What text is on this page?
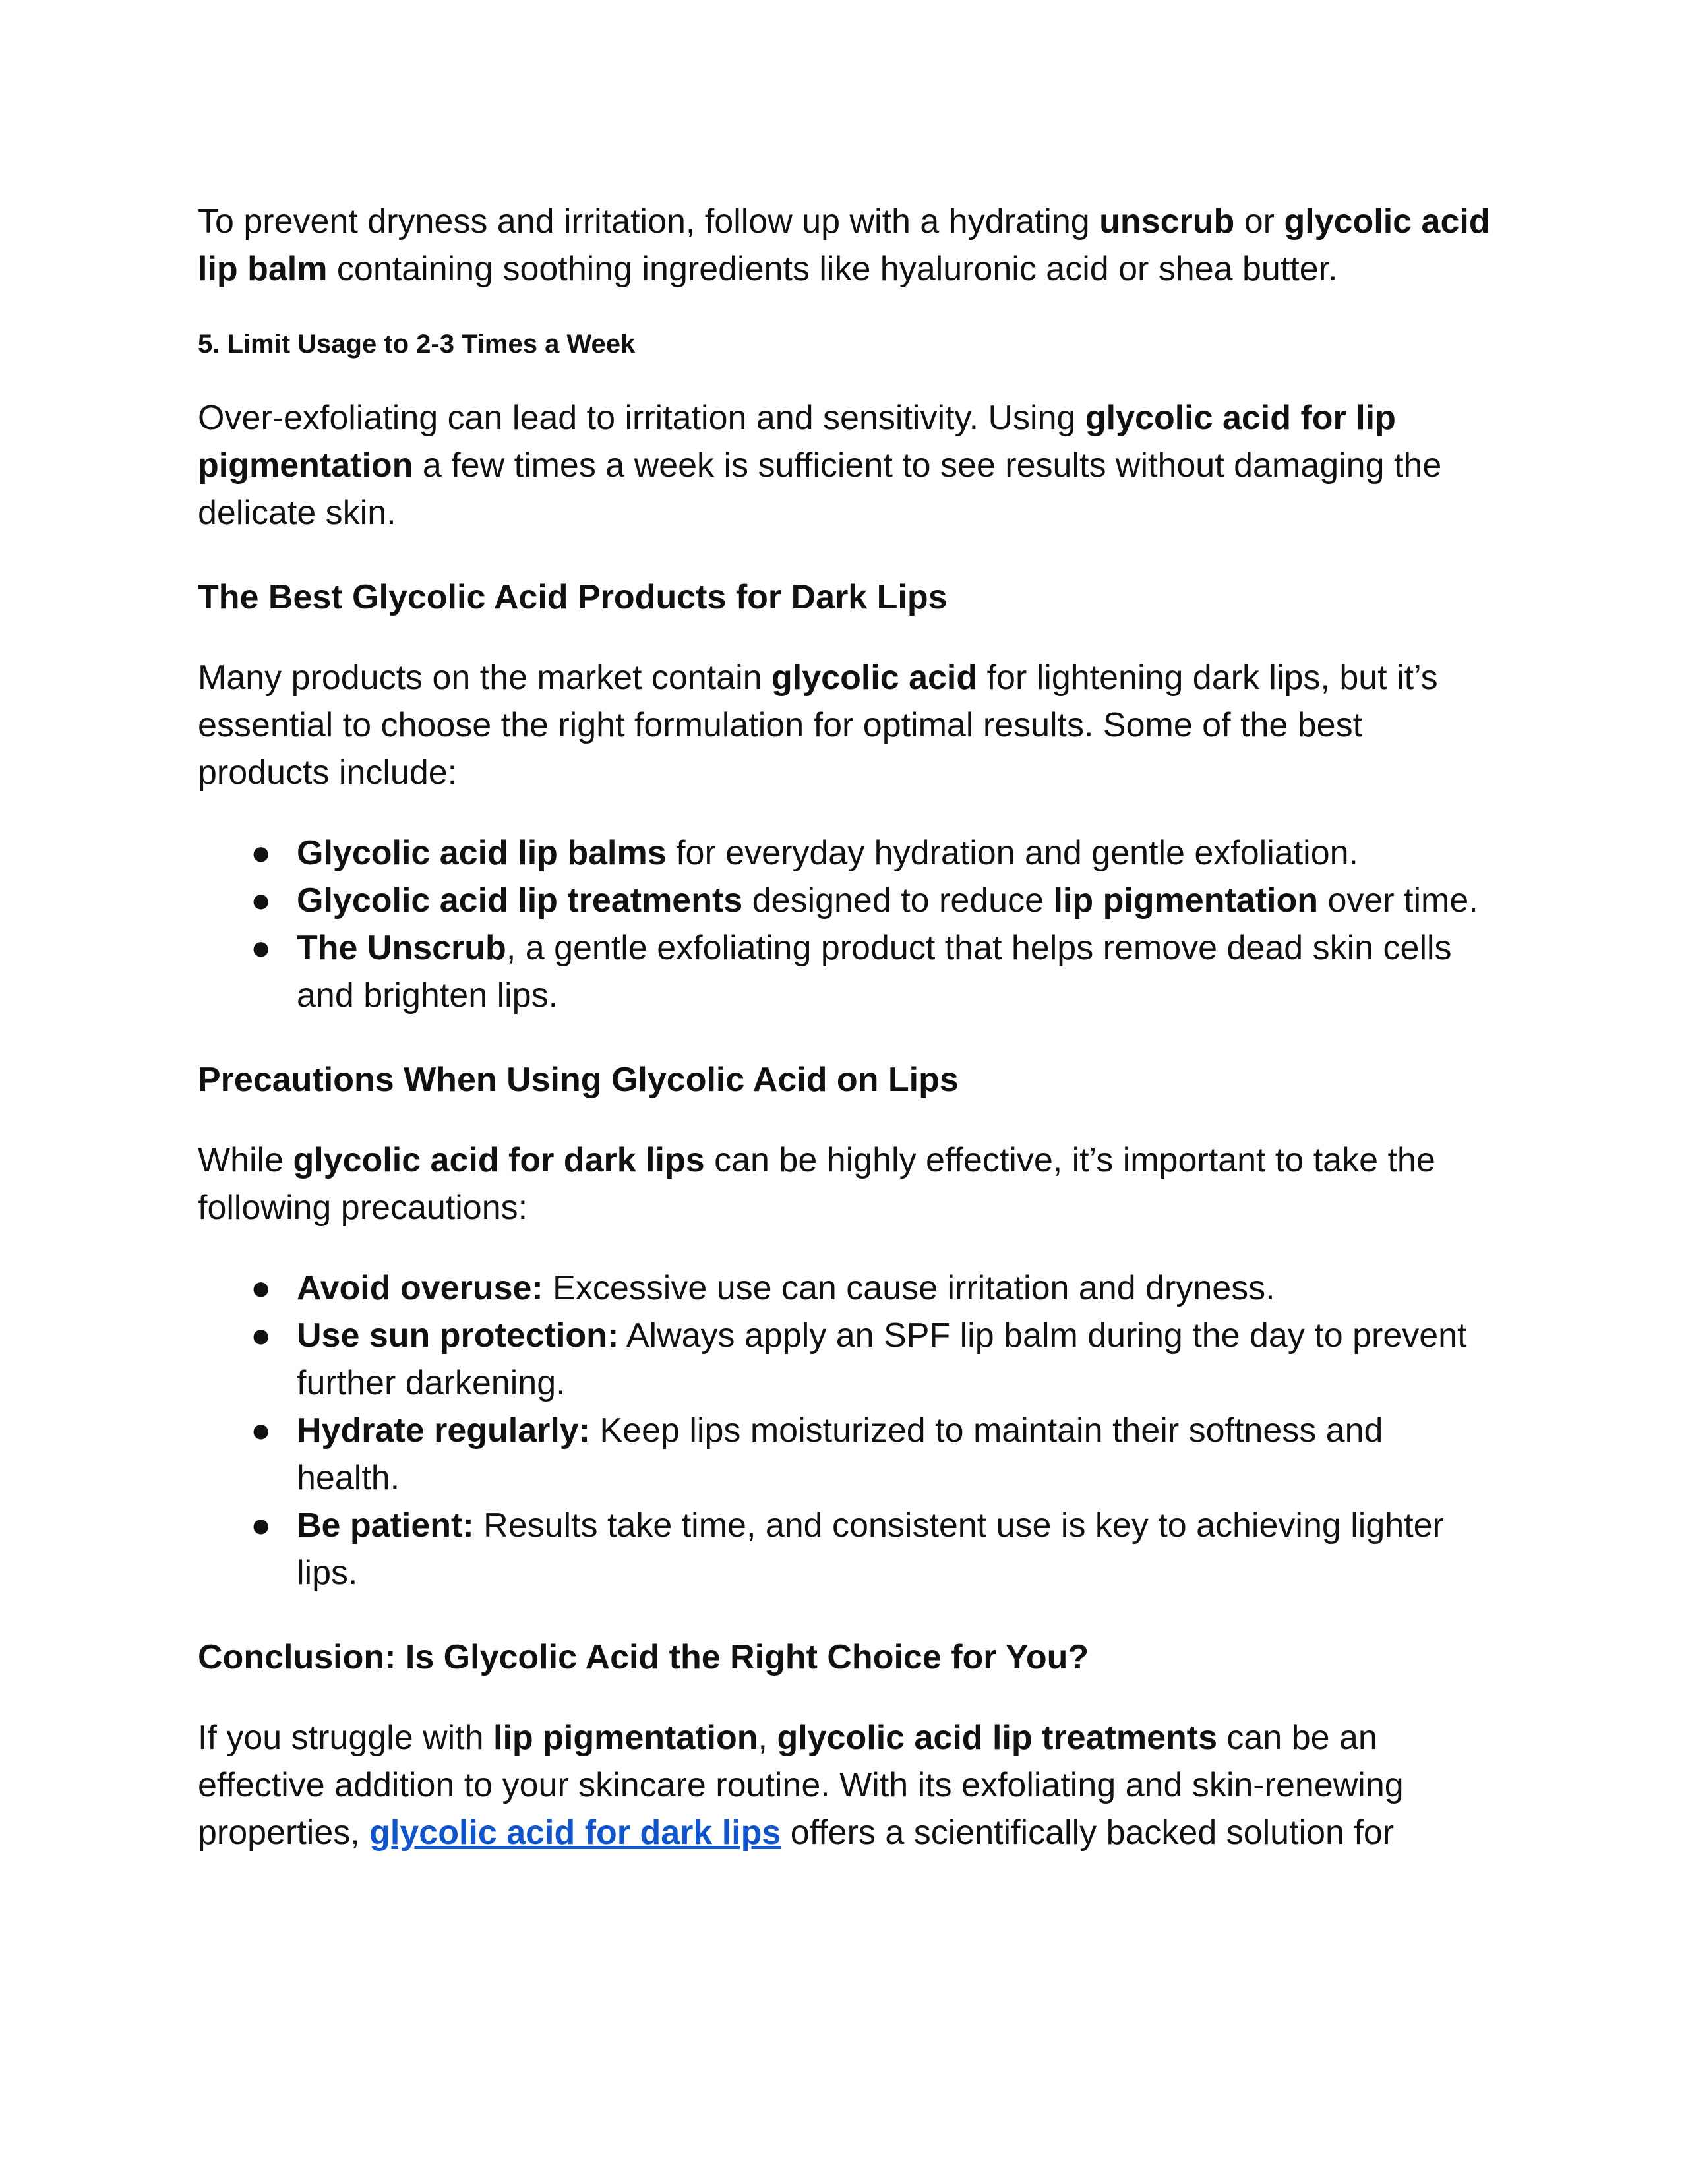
To prevent dryness and irritation, follow up with a hydrating unscrub or glycolic acid lip balm containing soothing ingredients like hyaluronic acid or shea butter.

5. Limit Usage to 2-3 Times a Week

Over-exfoliating can lead to irritation and sensitivity. Using glycolic acid for lip pigmentation a few times a week is sufficient to see results without damaging the delicate skin.

The Best Glycolic Acid Products for Dark Lips

Many products on the market contain glycolic acid for lightening dark lips, but it’s essential to choose the right formulation for optimal results. Some of the best products include:

● Glycolic acid lip balms for everyday hydration and gentle exfoliation.
● Glycolic acid lip treatments designed to reduce lip pigmentation over time.
● The Unscrub, a gentle exfoliating product that helps remove dead skin cells and brighten lips.
Precautions When Using Glycolic Acid on Lips

While glycolic acid for dark lips can be highly effective, it’s important to take the following precautions:

● Avoid overuse: Excessive use can cause irritation and dryness.
● Use sun protection: Always apply an SPF lip balm during the day to prevent further darkening.
● Hydrate regularly: Keep lips moisturized to maintain their softness and health.
● Be patient: Results take time, and consistent use is key to achieving lighter lips.
Conclusion: Is Glycolic Acid the Right Choice for You?

If you struggle with lip pigmentation, glycolic acid lip treatments can be an effective addition to your skincare routine. With its exfoliating and skin-renewing properties, glycolic acid for dark lips offers a scientifically backed solution for
